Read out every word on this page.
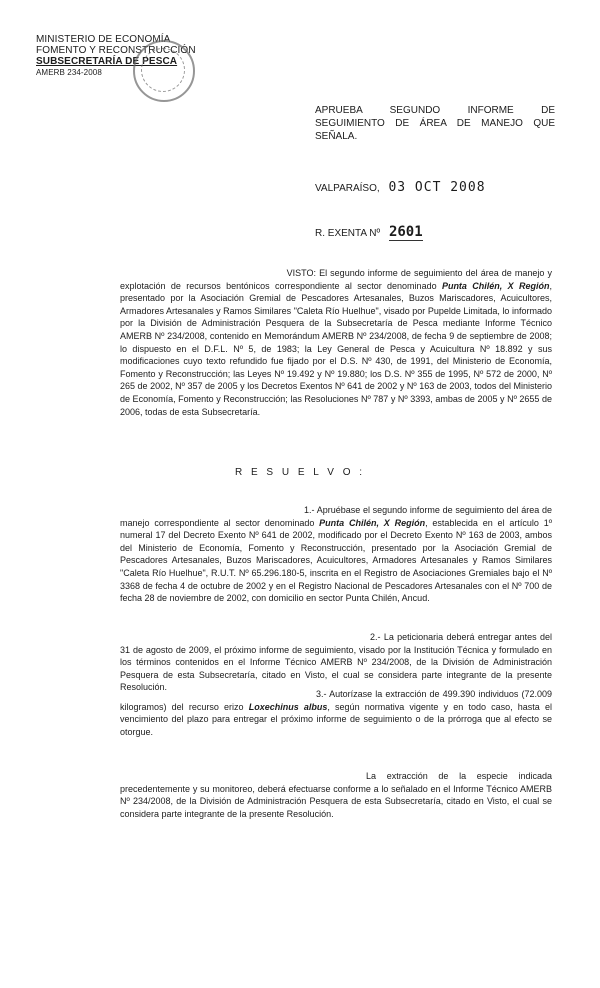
MINISTERIO DE ECONOMÍA
FOMENTO Y RECONSTRUCCIÓN
SUBSECRETARÍA DE PESCA
AMERB 234-2008
APRUEBA SEGUNDO INFORME DE
SEGUIMIENTO DE ÁREA DE MANEJO QUE
SEÑALA.
VALPARAÍSO, 03 OCT 2008
R. EXENTA Nº 2601

VISTO: El segundo informe de seguimiento del área de manejo y explotación de recursos bentónicos correspondiente al sector denominado Punta Chilén, X Región, presentado por la Asociación Gremial de Pescadores Artesanales, Buzos Mariscadores, Acuicultores, Armadores Artesanales y Ramos Similares "Caleta Río Huelhue", visado por Pupelde Limitada, lo informado por la División de Administración Pesquera de la Subsecretaría de Pesca mediante Informe Técnico AMERB Nº 234/2008, contenido en Memorándum AMERB Nº 234/2008, de fecha 9 de septiembre de 2008; lo dispuesto en el D.F.L. Nº 5, de 1983; la Ley General de Pesca y Acuicultura Nº 18.892 y sus modificaciones cuyo texto refundido fue fijado por el D.S. Nº 430, de 1991, del Ministerio de Economía, Fomento y Reconstrucción; las Leyes Nº 19.492 y Nº 19.880; los D.S. Nº 355 de 1995, Nº 572 de 2000, Nº 265 de 2002, Nº 357 de 2005 y los Decretos Exentos Nº 641 de 2002 y Nº 163 de 2003, todos del Ministerio de Economía, Fomento y Reconstrucción; las Resoluciones Nº 787 y Nº 3393, ambas de 2005 y Nº 2655 de 2006, todas de esta Subsecretaría.

R E S U E L V O :

1.- Apruébase el segundo informe de seguimiento del área de manejo correspondiente al sector denominado Punta Chilén, X Región, establecida en el artículo 1º numeral 17 del Decreto Exento Nº 641 de 2002, modificado por el Decreto Exento Nº 163 de 2003, ambos del Ministerio de Economía, Fomento y Reconstrucción, presentado por la Asociación Gremial de Pescadores Artesanales, Buzos Mariscadores, Acuicultores, Armadores Artesanales y Ramos Similares "Caleta Río Huelhue", R.U.T. Nº 65.296.180-5, inscrita en el Registro de Asociaciones Gremiales bajo el Nº 3368 de fecha 4 de octubre de 2002 y en el Registro Nacional de Pescadores Artesanales con el Nº 700 de fecha 28 de noviembre de 2002, con domicilio en sector Punta Chilén, Ancud.

2.- La peticionaria deberá entregar antes del 31 de agosto de 2009, el próximo informe de seguimiento, visado por la Institución Técnica y formulado en los términos contenidos en el Informe Técnico AMERB Nº 234/2008, de la División de Administración Pesquera de esta Subsecretaría, citado en Visto, el cual se considera parte integrante de la presente Resolución.

3.- Autorízase la extracción de 499.390 individuos (72.009 kilogramos) del recurso erizo Loxechinus albus, según normativa vigente y en todo caso, hasta el vencimiento del plazo para entregar el próximo informe de seguimiento o de la prórroga que al efecto se otorgue.

La extracción de la especie indicada precedentemente y su monitoreo, deberá efectuarse conforme a lo señalado en el Informe Técnico AMERB Nº 234/2008, de la División de Administración Pesquera de esta Subsecretaría, citado en Visto, el cual se considera parte integrante de la presente Resolución.
